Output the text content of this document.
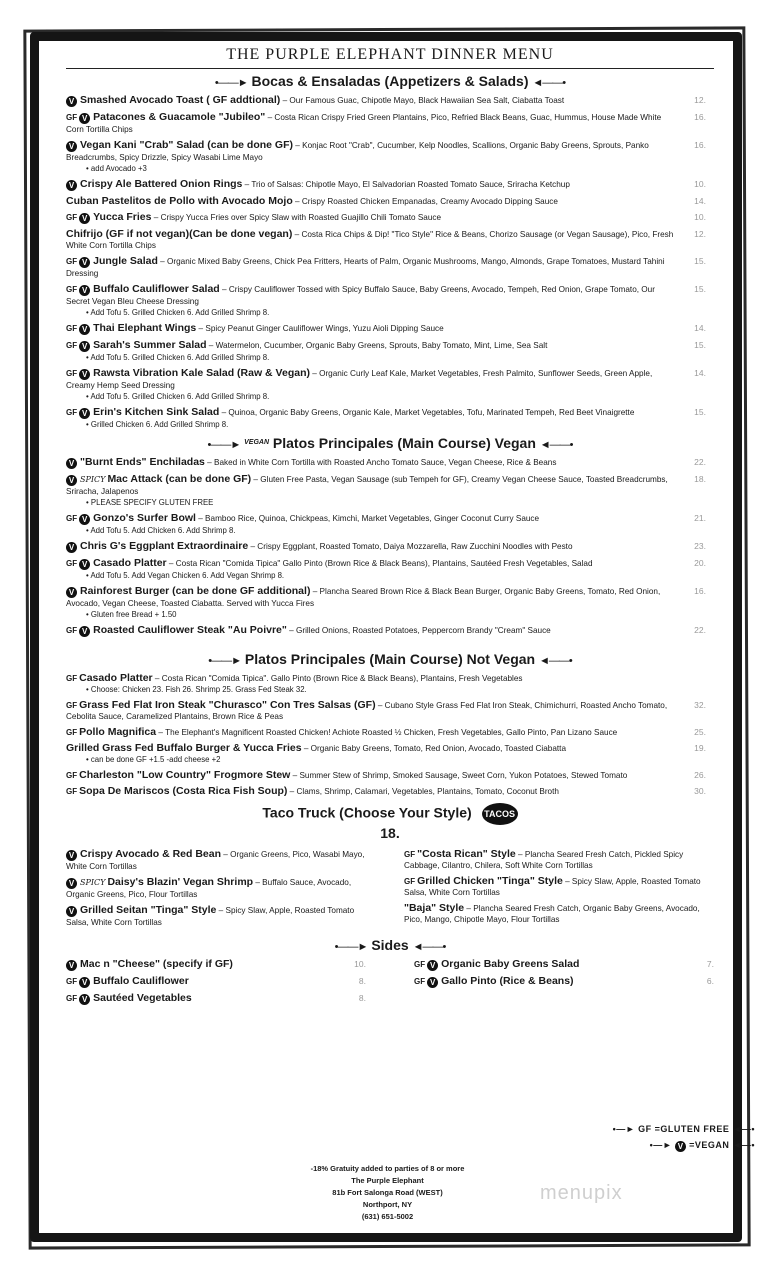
THE PURPLE ELEPHANT DINNER MENU
•——► Bocas & Ensaladas (Appetizers & Salads) ◄——•
V Smashed Avocado Toast ( GF addtional) – Our Famous Guac, Chipotle Mayo, Black Hawaiian Sea Salt, Ciabatta Toast	12.
GF V Patacones & Guacamole "Jubileo" – Costa Rican Crispy Fried Green Plantains, Pico, Refried Black Beans, Guac, Hummus, House Made White Corn Tortilla Chips
16.
V Vegan Kani "Crab" Salad (can be done GF) – Konjac Root "Crab", Cucumber, Kelp Noodles, Scallions, Organic Baby Greens, Sprouts, Panko Breadcrumbs, Spicy Drizzle, Spicy Wasabi Lime Mayo
16.
• add Avocado +3
V Crispy Ale Battered Onion Rings – Trio of Salsas: Chipotle Mayo, El Salvadorian Roasted Tomato Sauce, Sriracha Ketchup	10.
Cuban Pastelitos de Pollo with Avocado Mojo – Crispy Roasted Chicken Empanadas, Creamy Avocado Dipping Sauce	14.
GF V Yucca Fries – Crispy Yucca Fries over Spicy Slaw with Roasted Guajillo Chili Tomato Sauce	10.
Chifrijo (GF if not vegan)(Can be done vegan) – Costa Rica Chips & Dip! "Tico Style" Rice & Beans, Chorizo Sausage (or Vegan Sausage), Pico, Fresh White Corn Tortilla Chips
12.
GF V Jungle Salad – Organic Mixed Baby Greens, Chick Pea Fritters, Hearts of Palm, Organic Mushrooms, Mango, Almonds, Grape Tomatoes, Mustard Tahini Dressing
15.
GF V Buffalo Cauliflower Salad – Crispy Cauliflower Tossed with Spicy Buffalo Sauce, Baby Greens, Avocado, Tempeh, Red Onion, Grape Tomato, Our Secret Vegan Bleu Cheese Dressing
15.
• Add Tofu 5. Grilled Chicken 6. Add Grilled Shrimp 8.
GF V Thai Elephant Wings – Spicy Peanut Ginger Cauliflower Wings, Yuzu Aioli Dipping Sauce	14.
GF V Sarah's Summer Salad – Watermelon, Cucumber, Organic Baby Greens, Sprouts, Baby Tomato, Mint, Lime, Sea Salt	15.
• Add Tofu 5. Grilled Chicken 6. Add Grilled Shrimp 8.
GF V Rawsta Vibration Kale Salad (Raw & Vegan) – Organic Curly Leaf Kale, Market Vegetables, Fresh Palmito, Sunflower Seeds, Green Apple, Creamy Hemp Seed Dressing
14.
• Add Tofu 5. Grilled Chicken 6. Add Grilled Shrimp 8.
GF V Erin's Kitchen Sink Salad – Quinoa, Organic Baby Greens, Organic Kale, Market Vegetables, Tofu, Marinated Tempeh, Red Beet Vinaigrette	15.
• Grilled Chicken 6. Add Grilled Shrimp 8.
•——► $^{VEGAN}$ Platos Principales (Main Course) Vegan ◄——•
V "Burnt Ends" Enchiladas – Baked in White Corn Tortilla with Roasted Ancho Tomato Sauce, Vegan Cheese, Rice & Beans	22.
V SPICY Mac Attack (can be done GF) – Gluten Free Pasta, Vegan Sausage (sub Tempeh for GF), Creamy Vegan Cheese Sauce, Toasted Breadcrumbs, Sriracha, Jalapenos
18.
• PLEASE SPECIFY GLUTEN FREE
GF V Gonzo's Surfer Bowl – Bamboo Rice, Quinoa, Chickpeas, Kimchi, Market Vegetables, Ginger Coconut Curry Sauce	21.
• Add Tofu 5. Add Chicken 6. Add Shrimp 8.
V Chris G's Eggplant Extraordinaire – Crispy Eggplant, Roasted Tomato, Daiya Mozzarella, Raw Zucchini Noodles with Pesto	23.
GF V Casado Platter – Costa Rican "Comida Tipica" Gallo Pinto (Brown Rice & Black Beans), Plantains, Sautéed Fresh Vegetables, Salad	20.
• Add Tofu 5. Add Vegan Chicken 6. Add Vegan Shrimp 8.
V Rainforest Burger (can be done GF additional) – Plancha Seared Brown Rice & Black Bean Burger, Organic Baby Greens, Tomato, Red Onion, Avocado, Vegan Cheese, Toasted Ciabatta. Served with Yucca Fires
16.
• Gluten free Bread + 1.50
GF V Roasted Cauliflower Steak "Au Poivre" – Grilled Onions, Roasted Potatoes, Peppercorn Brandy "Cream" Sauce	22.
•——► Platos Principales (Main Course) Not Vegan ◄——•
GF Casado Platter – Costa Rican "Comida Tipica". Gallo Pinto (Brown Rice & Black Beans), Plantains, Fresh Vegetables
• Choose: Chicken 23. Fish 26. Shrimp 25. Grass Fed Steak 32.
GF Grass Fed Flat Iron Steak "Churasco" Con Tres Salsas (GF) – Cubano Style Grass Fed Flat Iron Steak, Chimichurri, Roasted Ancho Tomato, Cebolita Sauce, Caramelized Plantains, Brown Rice & Peas
32.
GF Pollo Magnifica – The Elephant's Magnificent Roasted Chicken! Achiote Roasted ½ Chicken, Fresh Vegetables, Gallo Pinto, Pan Lizano Sauce	25.
Grilled Grass Fed Buffalo Burger & Yucca Fries – Organic Baby Greens, Tomato, Red Onion, Avocado, Toasted Ciabatta	19.
• can be done GF +1.5 -add cheese +2
GF Charleston "Low Country" Frogmore Stew – Summer Stew of Shrimp, Smoked Sausage, Sweet Corn, Yukon Potatoes, Stewed Tomato	26.
GF Sopa De Mariscos (Costa Rica Fish Soup) – Clams, Shrimp, Calamari, Vegetables, Plantains, Tomato, Coconut Broth	30.
Taco Truck (Choose Your Style) TACOS
18.
V Crispy Avocado & Red Bean – Organic Greens, Pico, Wasabi Mayo, White Corn Tortillas
V SPICY Daisy's Blazin' Vegan Shrimp – Buffalo Sauce, Avocado, Organic Greens, Pico, Flour Tortillas
V Grilled Seitan "Tinga" Style – Spicy Slaw, Apple, Roasted Tomato Salsa, White Corn Tortillas
GF "Costa Rican" Style – Plancha Seared Fresh Catch, Pickled Spicy Cabbage, Cilantro, Chilera, Soft White Corn Tortillas
GF Grilled Chicken "Tinga" Style – Spicy Slaw, Apple, Roasted Tomato Salsa, White Corn Tortillas
"Baja" Style – Plancha Seared Fresh Catch, Organic Baby Greens, Avocado, Pico, Mango, Chipotle Mayo, Flour Tortillas
•——► Sides ◄——•
V Mac n "Cheese" (specify if GF)	10.
GF V Buffalo Cauliflower	8.
GF V Sautéed Vegetables	8.
GF V Organic Baby Greens Salad	7.
GF V Gallo Pinto (Rice & Beans)	6.
•—► GF =GLUTEN FREE ◄—•
•—► V =VEGAN ◄—•
-18% Gratuity added to parties of 8 or more
The Purple Elephant
81b Fort Salonga Road (WEST)
Northport, NY
(631) 651-5002
menupix
